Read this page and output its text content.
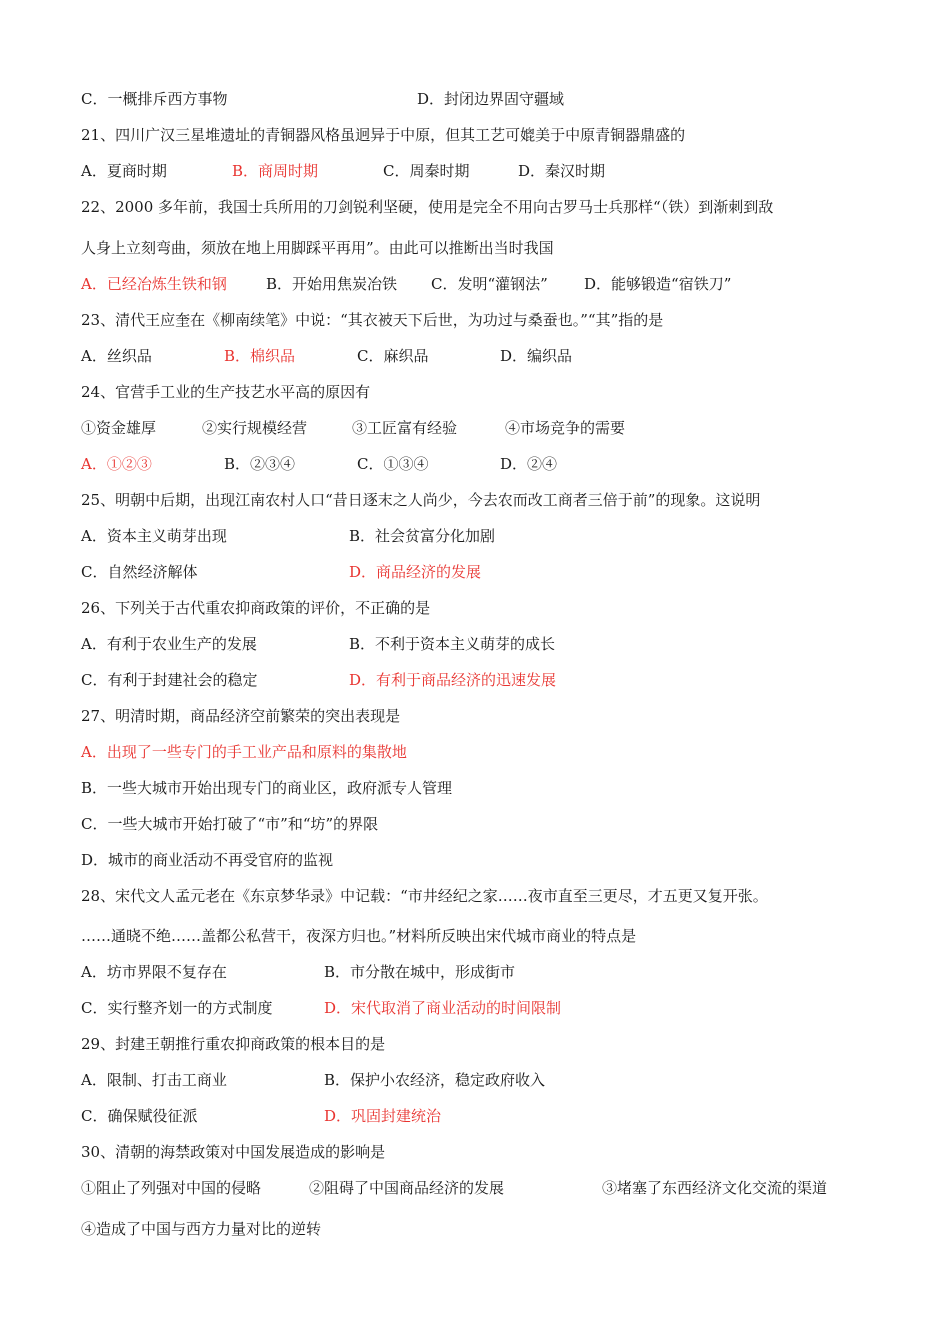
C．一概排斥西方事物	D．封闭边界固守疆域
21、四川广汉三星堆遗址的青铜器风格虽迥异于中原，但其工艺可媲美于中原青铜器鼎盛的
A．夏商时期	B．商周时期	C．周秦时期	D．秦汉时期
22、2000 多年前，我国士兵所用的刀剑锐利坚硬，使用是完全不用向古罗马士兵那样“（铁）到渐刺到敌
人身上立刻弯曲，须放在地上用脚踩平再用”。由此可以推断出当时我国
A．已经冶炼生铁和钢	B．开始用焦炭冶铁 C．发明“灌钢法” D．能够锻造“宿铁刀”
23、清代王应奎在《柳南续笔》中说：“其衣被天下后世，为功过与桑蚕也。”“其”指的是
A．丝织品	B．棉织品	C．麻织品	D．编织品
24、官营手工业的生产技艺水平高的原因有
①资金雄厚	②实行规模经营	③工匠富有经验	④市场竞争的需要
A．①②③	B．②③④	C．①③④	D．②④
25、明朝中后期，出现江南农村人口“昔日逐末之人尚少，今去农而改工商者三倍于前”的现象。这说明
A．资本主义萌芽出现	B．社会贫富分化加剧
C．自然经济解体	D．商品经济的发展
26、下列关于古代重农抑商政策的评价，不正确的是
A．有利于农业生产的发展	B．不利于资本主义萌芽的成长
C．有利于封建社会的稳定	D．有利于商品经济的迅速发展
27、明清时期，商品经济空前繁荣的突出表现是
A．出现了一些专门的手工业产品和原料的集散地
B．一些大城市开始出现专门的商业区，政府派专人管理
C．一些大城市开始打破了“市”和“坊”的界限
D．城市的商业活动不再受官府的监视
28、宋代文人孟元老在《东京梦华录》中记载：“市井经纪之家……夜市直至三更尽，才五更又复开张。
……通晓不绝……盖都公私营干，夜深方归也。”材料所反映出宋代城市商业的特点是
A．坊市界限不复存在	B．市分散在城中，形成街市
C．实行整齐划一的方式制度	D．宋代取消了商业活动的时间限制
29、封建王朝推行重农抑商政策的根本目的是
A．限制、打击工商业	B．保护小农经济，稳定政府收入
C．确保赋役征派	D．巩固封建统治
30、清朝的海禁政策对中国发展造成的影响是
①阻止了列强对中国的侵略	②阻碍了中国商品经济的发展	③堵塞了东西经济文化交流的渠道
④造成了中国与西方力量对比的逆转
